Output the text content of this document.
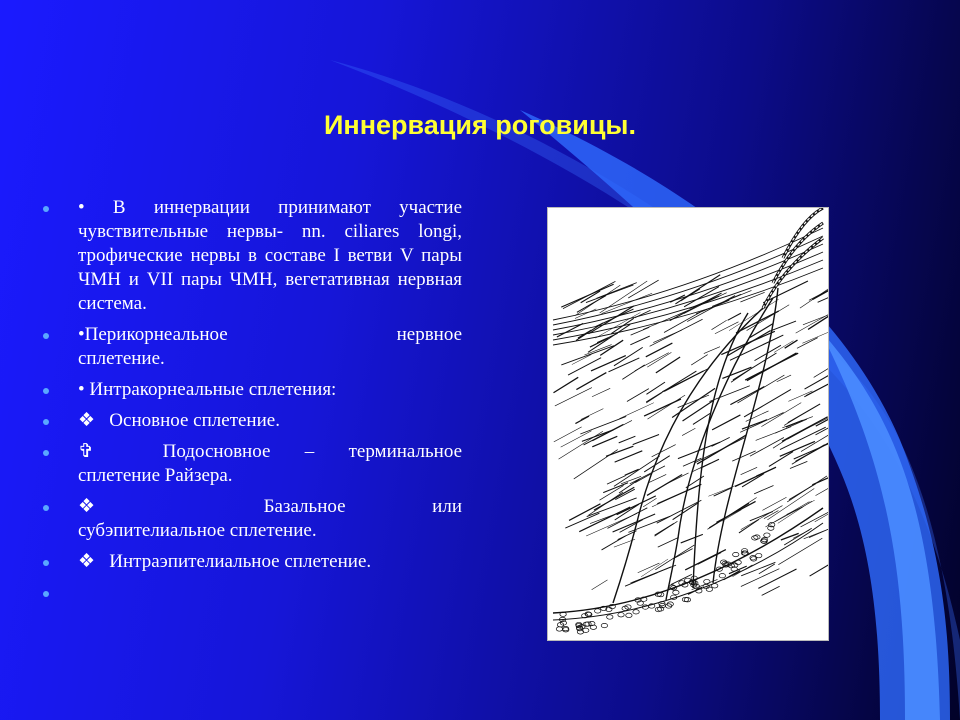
Иннервация роговицы.
• В иннервации принимают участие чувствительные нервы- nn. ciliares longi, трофические нервы в составе I ветви V пары ЧМН и VII пары ЧМН, вегетативная нервная система.
•Перикорнеальное нервное
сплетение.
• Интракорнеальные сплетения:
❖ Основное сплетение.
✞	Подосновное – терминальное
сплетение Райзера.
❖	Базальное или
субэпителиальное сплетение.
❖ Интраэпителиальное сплетение.
